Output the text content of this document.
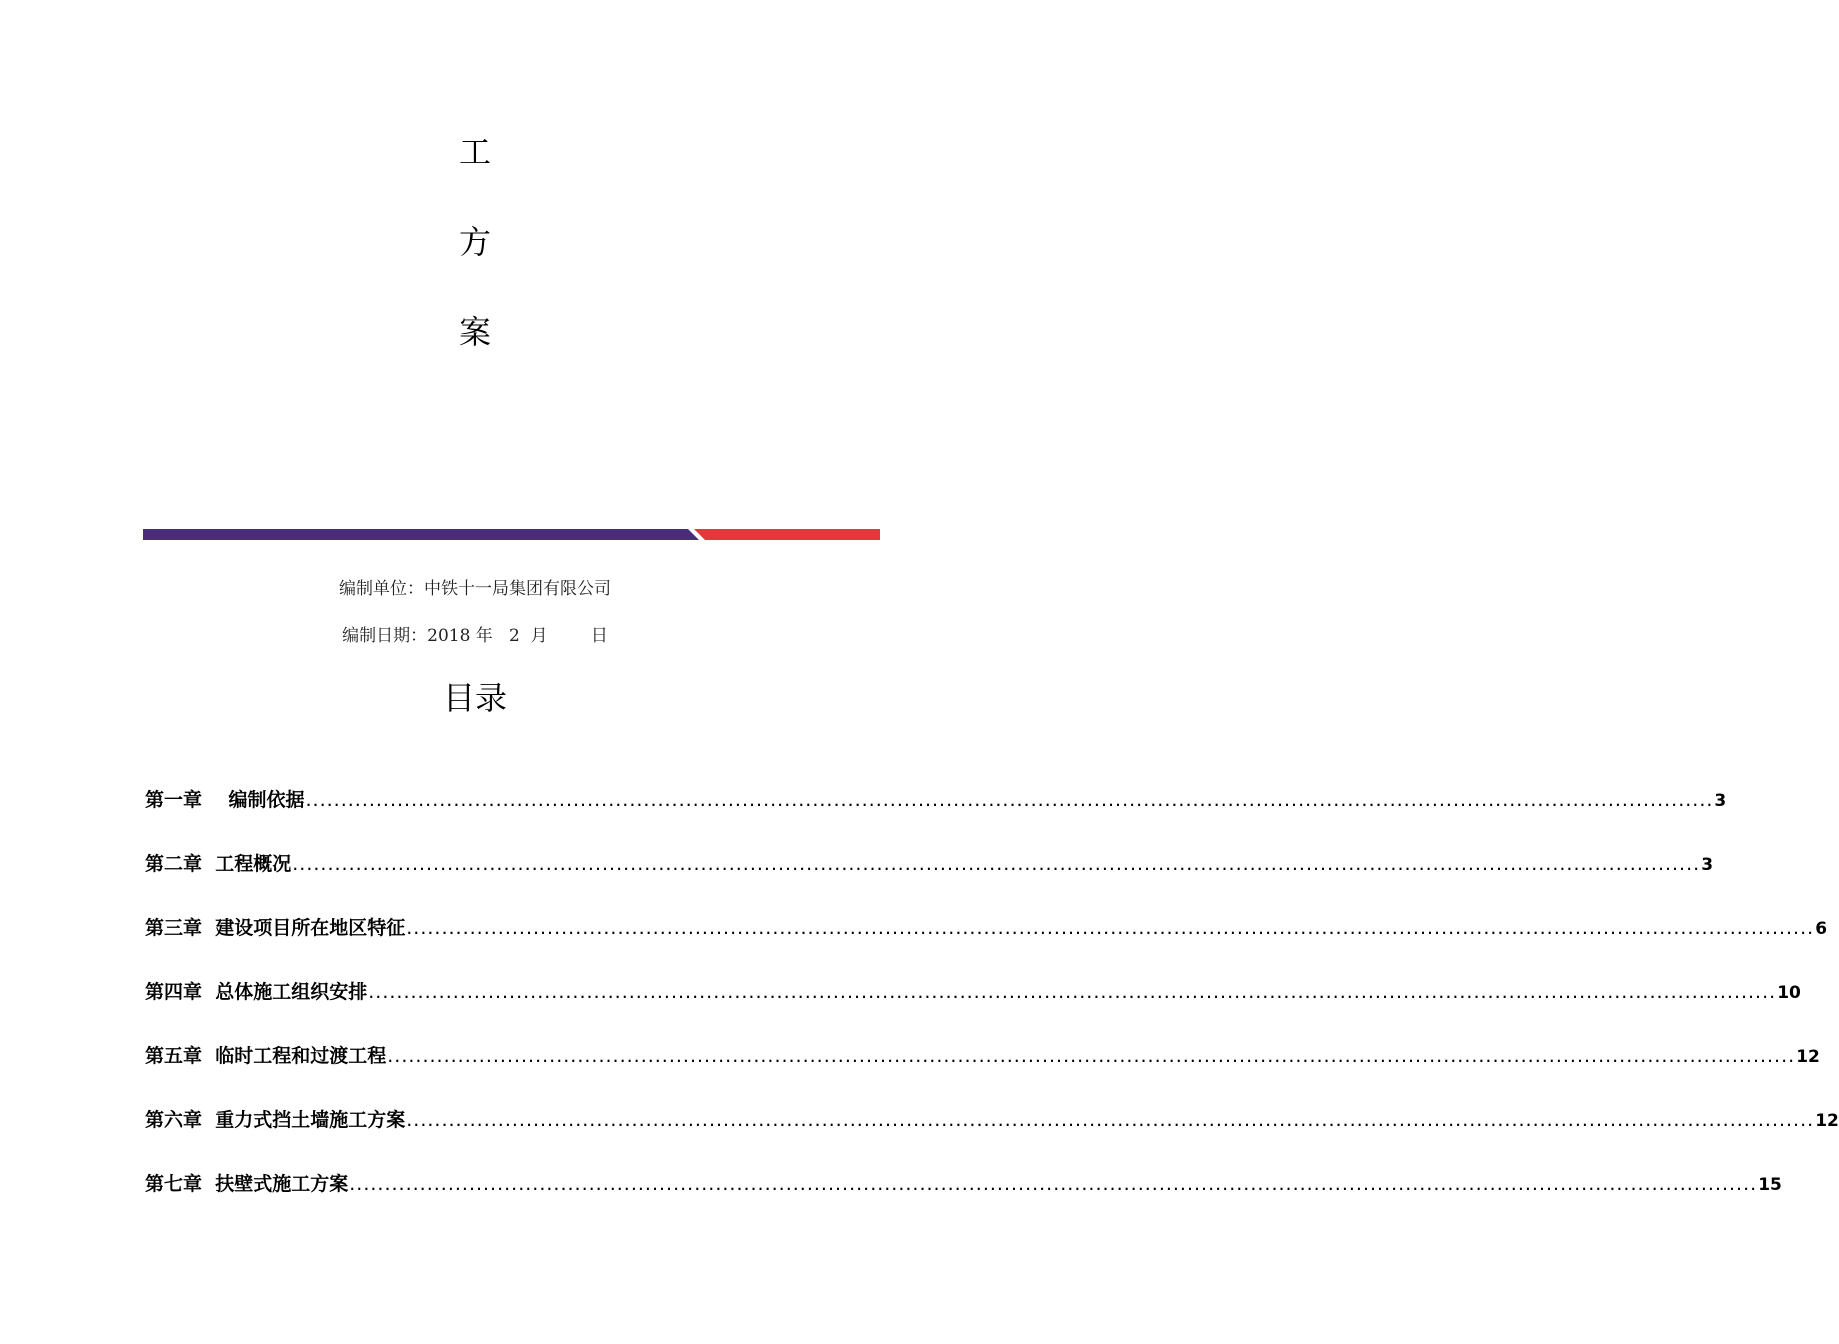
工
方
案
编制单位：中铁十一局集团有限公司
编制日期：2018 年   2  月        日
目录
第一章
编制依据 ........................................................................................................................................................................................................ 3
第二章
工程概况 ........................................................................................................................................................................................................ 3
第三章
建设项目所在地区特征 ........................................................................................................................................................................................................ 6
第四章
总体施工组织安排 ........................................................................................................................................................................................................ 10
第五章
临时工程和过渡工程 ........................................................................................................................................................................................................ 12
第六章
重力式挡土墙施工方案 ........................................................................................................................................................................................................ 12
第七章
扶壁式施工方案 ........................................................................................................................................................................................................ 15
